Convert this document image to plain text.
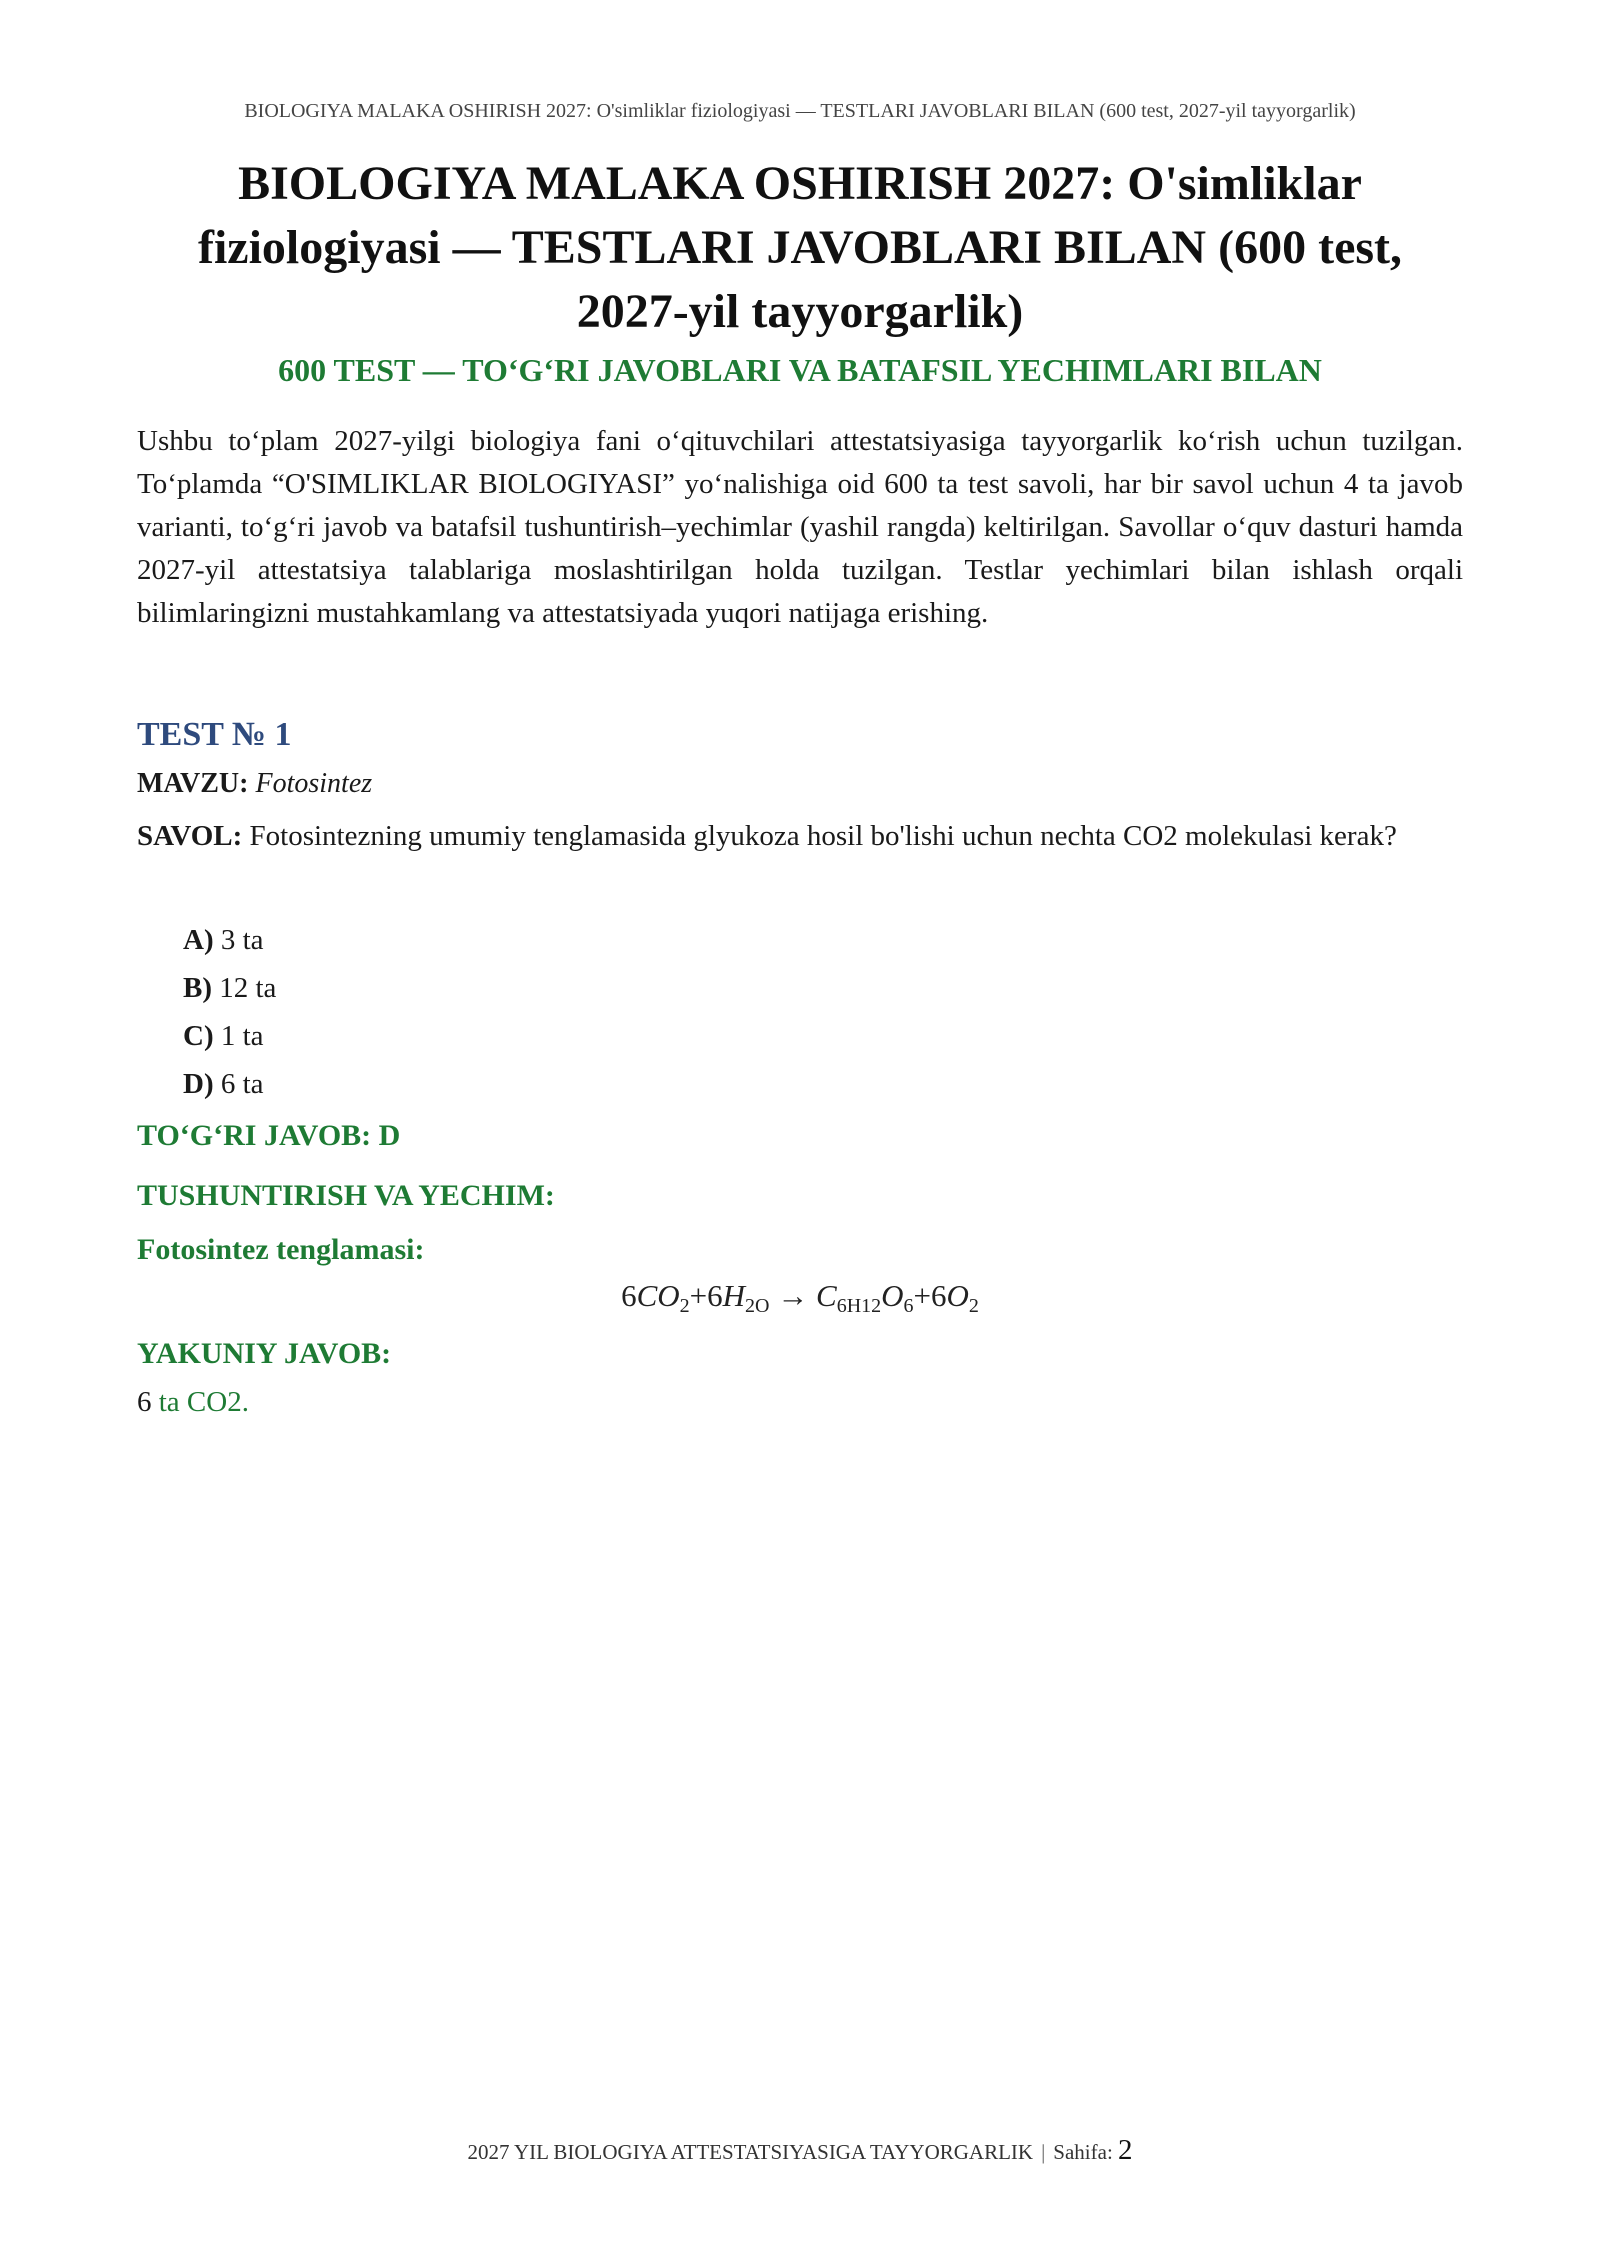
BIOLOGIYA MALAKA OSHIRISH 2027: O'simliklar fiziologiyasi — TESTLARI JAVOBLARI BILAN (600 test, 2027-yil tayyorgarlik)
BIOLOGIYA MALAKA OSHIRISH 2027: O'simliklar fiziologiyasi — TESTLARI JAVOBLARI BILAN (600 test, 2027-yil tayyorgarlik)
600 TEST — TO‘G‘RI JAVOBLARI VA BATAFSIL YECHIMLARI BILAN

Ushbu to‘plam 2027-yilgi biologiya fani o‘qituvchilari attestatsiyasiga tayyorgarlik ko‘rish uchun tuzilgan. To‘plamda “O'SIMLIKLAR BIOLOGIYASI” yo‘nalishiga oid 600 ta test savoli, har bir savol uchun 4 ta javob varianti, to‘g‘ri javob va batafsil tushuntirish–yechimlar (yashil rangda) keltirilgan. Savollar o‘quv dasturi hamda 2027-yil attestatsiya talablariga moslashtirilgan holda tuzilgan. Testlar yechimlari bilan ishlash orqali bilimlaringizni mustahkamlang va attestatsiyada yuqori natijaga erishing.

TEST № 1
MAVZU: Fotosintez
SAVOL: Fotosintezning umumiy tenglamasida glyukoza hosil bo'lishi uchun nechta CO2 molekulasi kerak?
A) 3 ta
B) 12 ta
C) 1 ta
D) 6 ta
TO‘G‘RI JAVOB: D
TUSHUNTIRISH VA YECHIM:
Fotosintez tenglamasi:
$6CO_2+6H_{2O} \to C_{6H12}O_6+6O_2$
YAKUNIY JAVOB:
6 ta CO2.
2027 YIL BIOLOGIYA ATTESTATSIYASIGA TAYYORGARLIK | Sahifa: 2
